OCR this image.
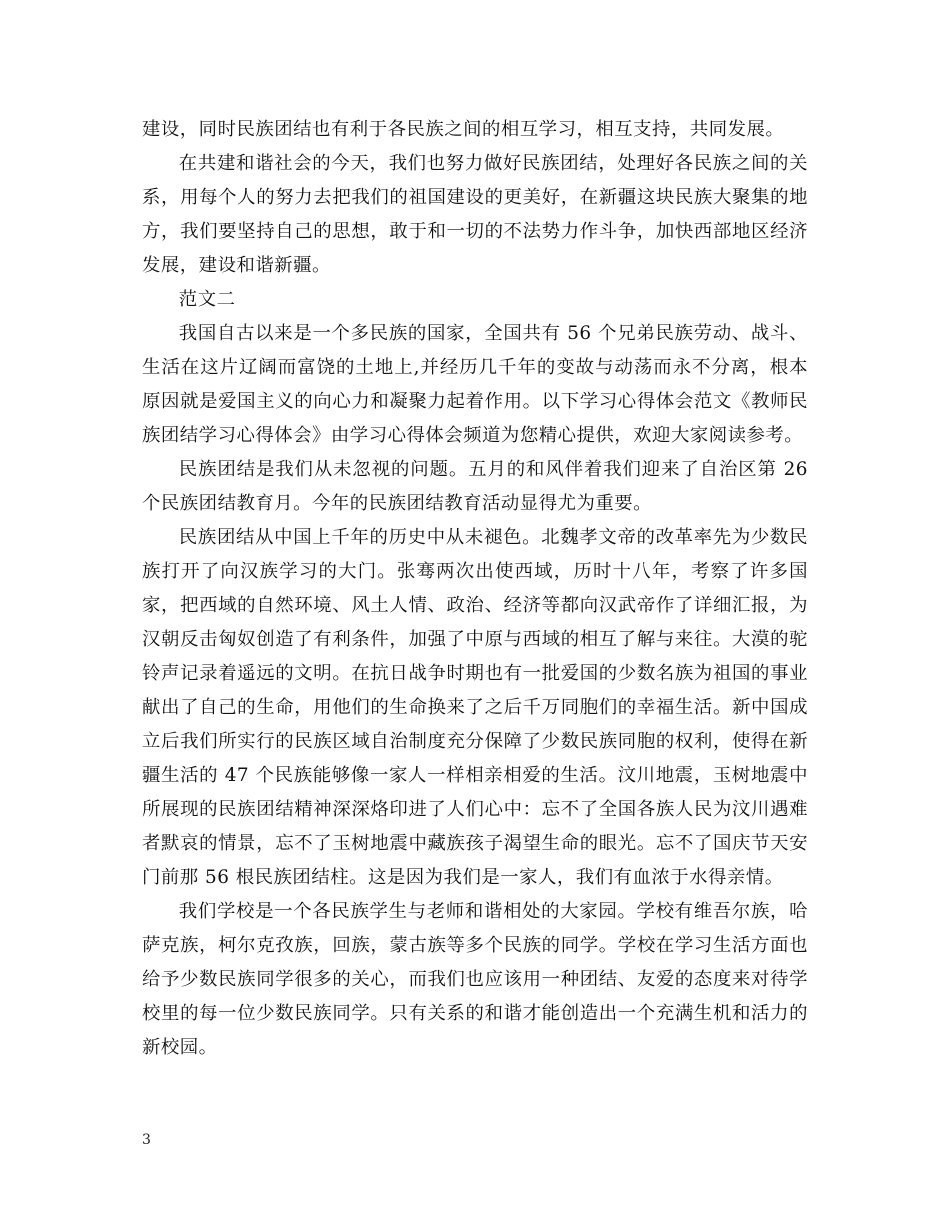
建设，同时民族团结也有利于各民族之间的相互学习，相互支持，共同发展。

在共建和谐社会的今天，我们也努力做好民族团结，处理好各民族之间的关系，用每个人的努力去把我们的祖国建设的更美好，在新疆这块民族大聚集的地方，我们要坚持自己的思想，敢于和一切的不法势力作斗争，加快西部地区经济发展，建设和谐新疆。

范文二

我国自古以来是一个多民族的国家，全国共有 56 个兄弟民族劳动、战斗、生活在这片辽阔而富饶的土地上,并经历几千年的变故与动荡而永不分离，根本原因就是爱国主义的向心力和凝聚力起着作用。以下学习心得体会范文《教师民族团结学习心得体会》由学习心得体会频道为您精心提供，欢迎大家阅读参考。

民族团结是我们从未忽视的问题。五月的和风伴着我们迎来了自治区第 26 个民族团结教育月。今年的民族团结教育活动显得尤为重要。

民族团结从中国上千年的历史中从未褪色。北魏孝文帝的改革率先为少数民族打开了向汉族学习的大门。张骞两次出使西域，历时十八年，考察了许多国家，把西域的自然环境、风土人情、政治、经济等都向汉武帝作了详细汇报，为汉朝反击匈奴创造了有利条件，加强了中原与西域的相互了解与来往。大漠的驼铃声记录着遥远的文明。在抗日战争时期也有一批爱国的少数名族为祖国的事业献出了自己的生命，用他们的生命换来了之后千万同胞们的幸福生活。新中国成立后我们所实行的民族区域自治制度充分保障了少数民族同胞的权利，使得在新疆生活的 47 个民族能够像一家人一样相亲相爱的生活。汶川地震，玉树地震中所展现的民族团结精神深深烙印进了人们心中：忘不了全国各族人民为汶川遇难者默哀的情景，忘不了玉树地震中藏族孩子渴望生命的眼光。忘不了国庆节天安门前那 56 根民族团结柱。这是因为我们是一家人，我们有血浓于水得亲情。

我们学校是一个各民族学生与老师和谐相处的大家园。学校有维吾尔族，哈萨克族，柯尔克孜族，回族，蒙古族等多个民族的同学。学校在学习生活方面也给予少数民族同学很多的关心，而我们也应该用一种团结、友爱的态度来对待学校里的每一位少数民族同学。只有关系的和谐才能创造出一个充满生机和活力的新校园。

3
